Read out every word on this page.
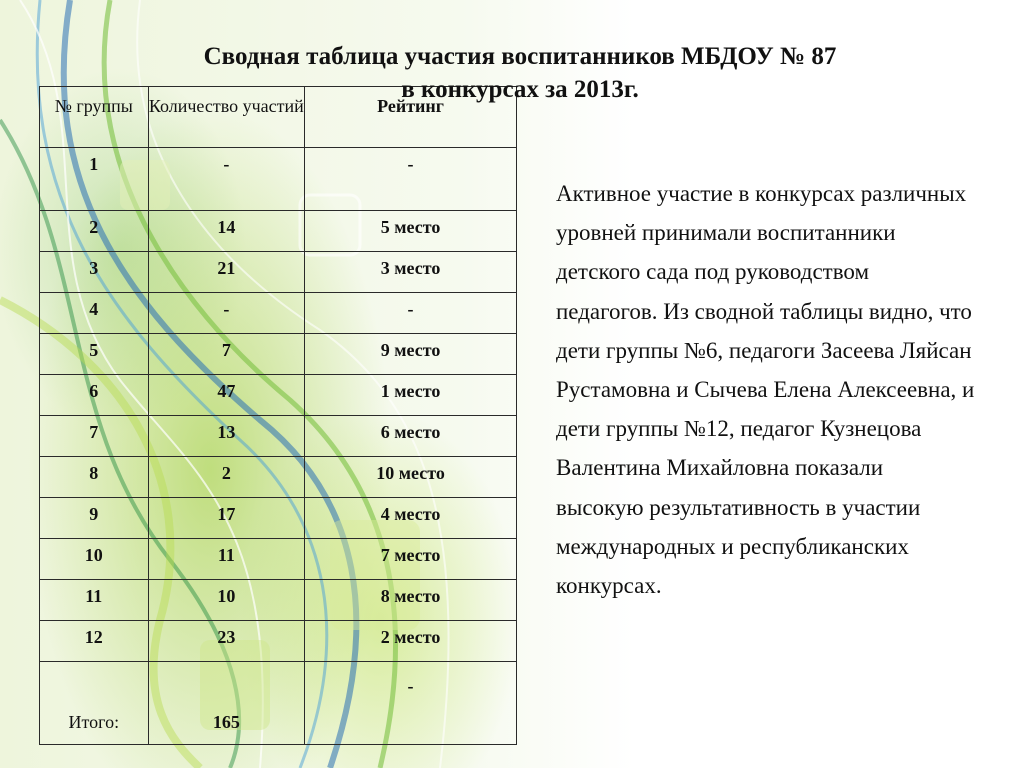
Сводная таблица участия воспитанников МБДОУ № 87
в конкурсах за 2013г.
№ группы	Количество участий	Рейтинг
1	-	-
2	14	5 место
3	21	3 место
4	-	-
5	7	9 место
6	47	1 место
7	13	6 место
8	2	10 место
9	17	4 место
10	11	7 место
11	10	8 место
12	23	2 место

Итого:	165	-

Активное участие в конкурсах различных уровней принимали воспитанники детского сада под руководством педагогов. Из сводной таблицы видно, что дети группы №6, педагоги Засеева Ляйсан Рустамовна и Сычева Елена Алексеевна, и дети группы №12, педагог Кузнецова Валентина Михайловна показали высокую результативность в участии международных и республиканских конкурсах.
